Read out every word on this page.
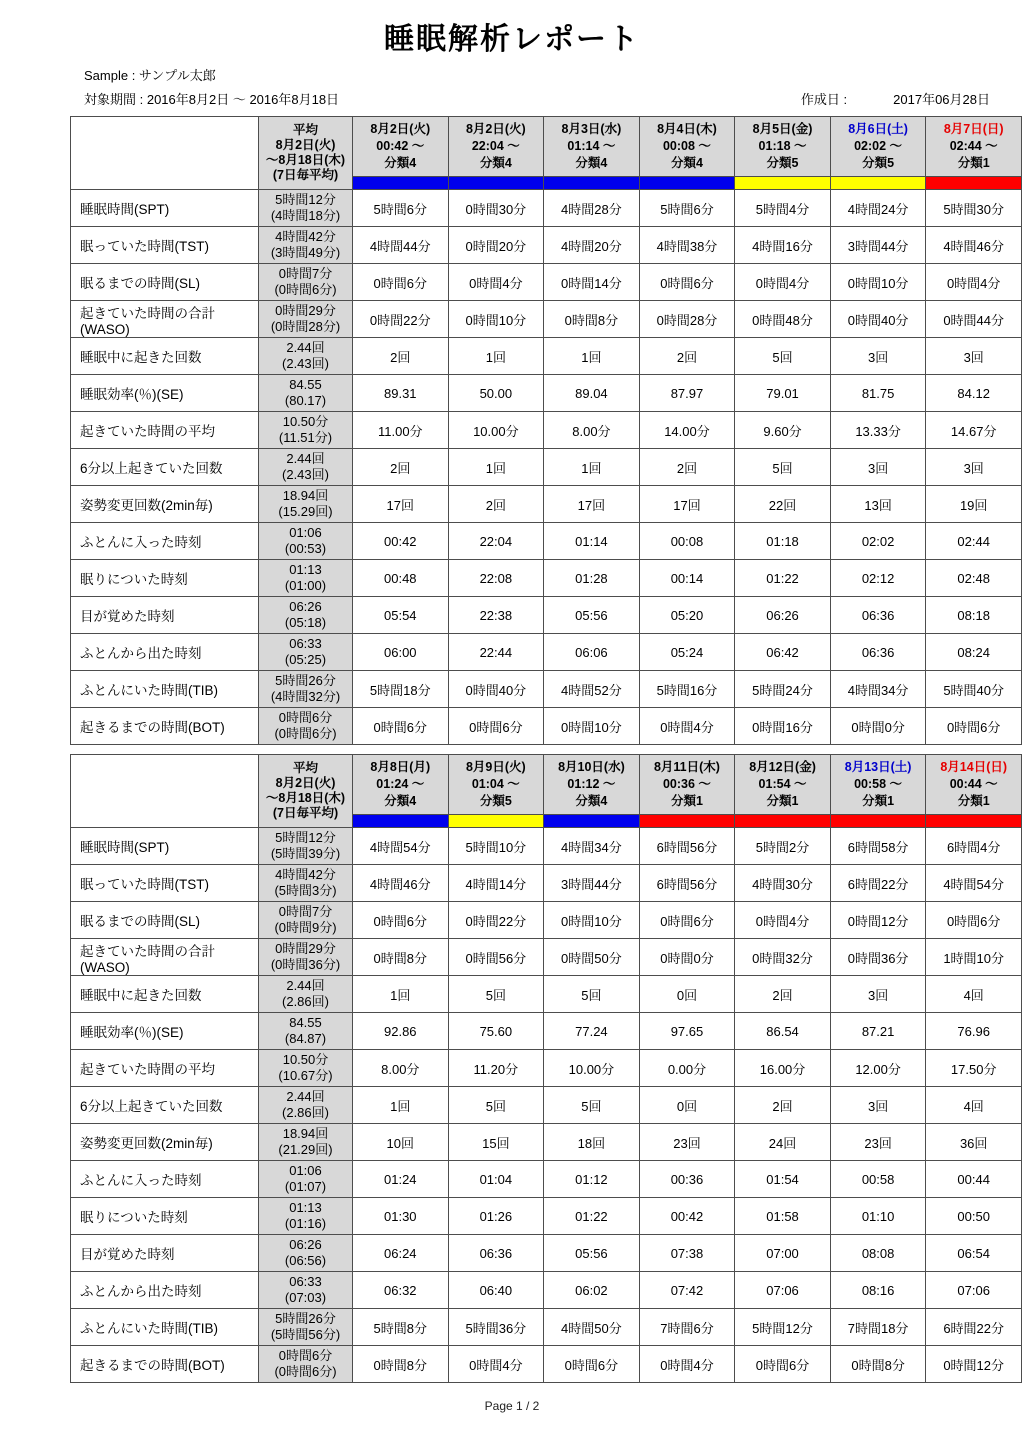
睡眠解析レポート
Sample : サンプル太郎
対象期間 : 2016年8月2日 ～ 2016年8月18日	作成日 :	2017年06月28日

平均
8月2日(火)
～8月18日(木)
(7日毎平均)

8月2日(火)
00:42 ～
分類4

8月2日(火)
22:04 ～
分類4

8月3日(水)
01:14 ～
分類4

8月4日(木)
00:08 ～
分類4

8月5日(金)
01:18 ～
分類5

8月6日(土)
02:02 ～
分類5

8月7日(日)
02:44 ～
分類1

睡眠時間(SPT)	5時間12分
(4時間18分)	5時間6分	0時間30分	4時間28分	5時間6分	5時間4分	4時間24分	5時間30分
眠っていた時間(TST)	4時間42分
(3時間49分)	4時間44分	0時間20分	4時間20分	4時間38分	4時間16分	3時間44分	4時間46分
眠るまでの時間(SL)	0時間7分
(0時間6分)	0時間6分	0時間4分	0時間14分	0時間6分	0時間4分	0時間10分	0時間4分
起きていた時間の合計(WASO)	0時間29分
(0時間28分)	0時間22分	0時間10分	0時間8分	0時間28分	0時間48分	0時間40分	0時間44分
睡眠中に起きた回数	2.44回
(2.43回)	2回	1回	1回	2回	5回	3回	3回
睡眠効率(％)(SE)	84.55
(80.17)	89.31	50.00	89.04	87.97	79.01	81.75	84.12
起きていた時間の平均	10.50分
(11.51分)	11.00分	10.00分	8.00分	14.00分	9.60分	13.33分	14.67分
6分以上起きていた回数	2.44回
(2.43回)	2回	1回	1回	2回	5回	3回	3回
姿勢変更回数(2min毎)	18.94回
(15.29回)	17回	2回	17回	17回	22回	13回	19回
ふとんに入った時刻	01:06
(00:53)	00:42	22:04	01:14	00:08	01:18	02:02	02:44
眠りについた時刻	01:13
(01:00)	00:48	22:08	01:28	00:14	01:22	02:12	02:48
目が覚めた時刻	06:26
(05:18)	05:54	22:38	05:56	05:20	06:26	06:36	08:18
ふとんから出た時刻	06:33
(05:25)	06:00	22:44	06:06	05:24	06:42	06:36	08:24
ふとんにいた時間(TIB)	5時間26分
(4時間32分)	5時間18分	0時間40分	4時間52分	5時間16分	5時間24分	4時間34分	5時間40分
起きるまでの時間(BOT)	0時間6分
(0時間6分)	0時間6分	0時間6分	0時間10分	0時間4分	0時間16分	0時間0分	0時間6分

平均
8月2日(火)
～8月18日(木)
(7日毎平均)

8月8日(月)
01:24 ～
分類4

8月9日(火)
01:04 ～
分類5

8月10日(水)
01:12 ～
分類4

8月11日(木)
00:36 ～
分類1

8月12日(金)
01:54 ～
分類1

8月13日(土)
00:58 ～
分類1

8月14日(日)
00:44 ～
分類1

睡眠時間(SPT)	5時間12分
(5時間39分)	4時間54分	5時間10分	4時間34分	6時間56分	5時間2分	6時間58分	6時間4分
眠っていた時間(TST)	4時間42分
(5時間3分)	4時間46分	4時間14分	3時間44分	6時間56分	4時間30分	6時間22分	4時間54分
眠るまでの時間(SL)	0時間7分
(0時間9分)	0時間6分	0時間22分	0時間10分	0時間6分	0時間4分	0時間12分	0時間6分
起きていた時間の合計(WASO)	0時間29分
(0時間36分)	0時間8分	0時間56分	0時間50分	0時間0分	0時間32分	0時間36分	1時間10分
睡眠中に起きた回数	2.44回
(2.86回)	1回	5回	5回	0回	2回	3回	4回
睡眠効率(％)(SE)	84.55
(84.87)	92.86	75.60	77.24	97.65	86.54	87.21	76.96
起きていた時間の平均	10.50分
(10.67分)	8.00分	11.20分	10.00分	0.00分	16.00分	12.00分	17.50分
6分以上起きていた回数	2.44回
(2.86回)	1回	5回	5回	0回	2回	3回	4回
姿勢変更回数(2min毎)	18.94回
(21.29回)	10回	15回	18回	23回	24回	23回	36回
ふとんに入った時刻	01:06
(01:07)	01:24	01:04	01:12	00:36	01:54	00:58	00:44
眠りについた時刻	01:13
(01:16)	01:30	01:26	01:22	00:42	01:58	01:10	00:50
目が覚めた時刻	06:26
(06:56)	06:24	06:36	05:56	07:38	07:00	08:08	06:54
ふとんから出た時刻	06:33
(07:03)	06:32	06:40	06:02	07:42	07:06	08:16	07:06
ふとんにいた時間(TIB)	5時間26分
(5時間56分)	5時間8分	5時間36分	4時間50分	7時間6分	5時間12分	7時間18分	6時間22分
起きるまでの時間(BOT)	0時間6分
(0時間6分)	0時間8分	0時間4分	0時間6分	0時間4分	0時間6分	0時間8分	0時間12分
Page 1 / 2
